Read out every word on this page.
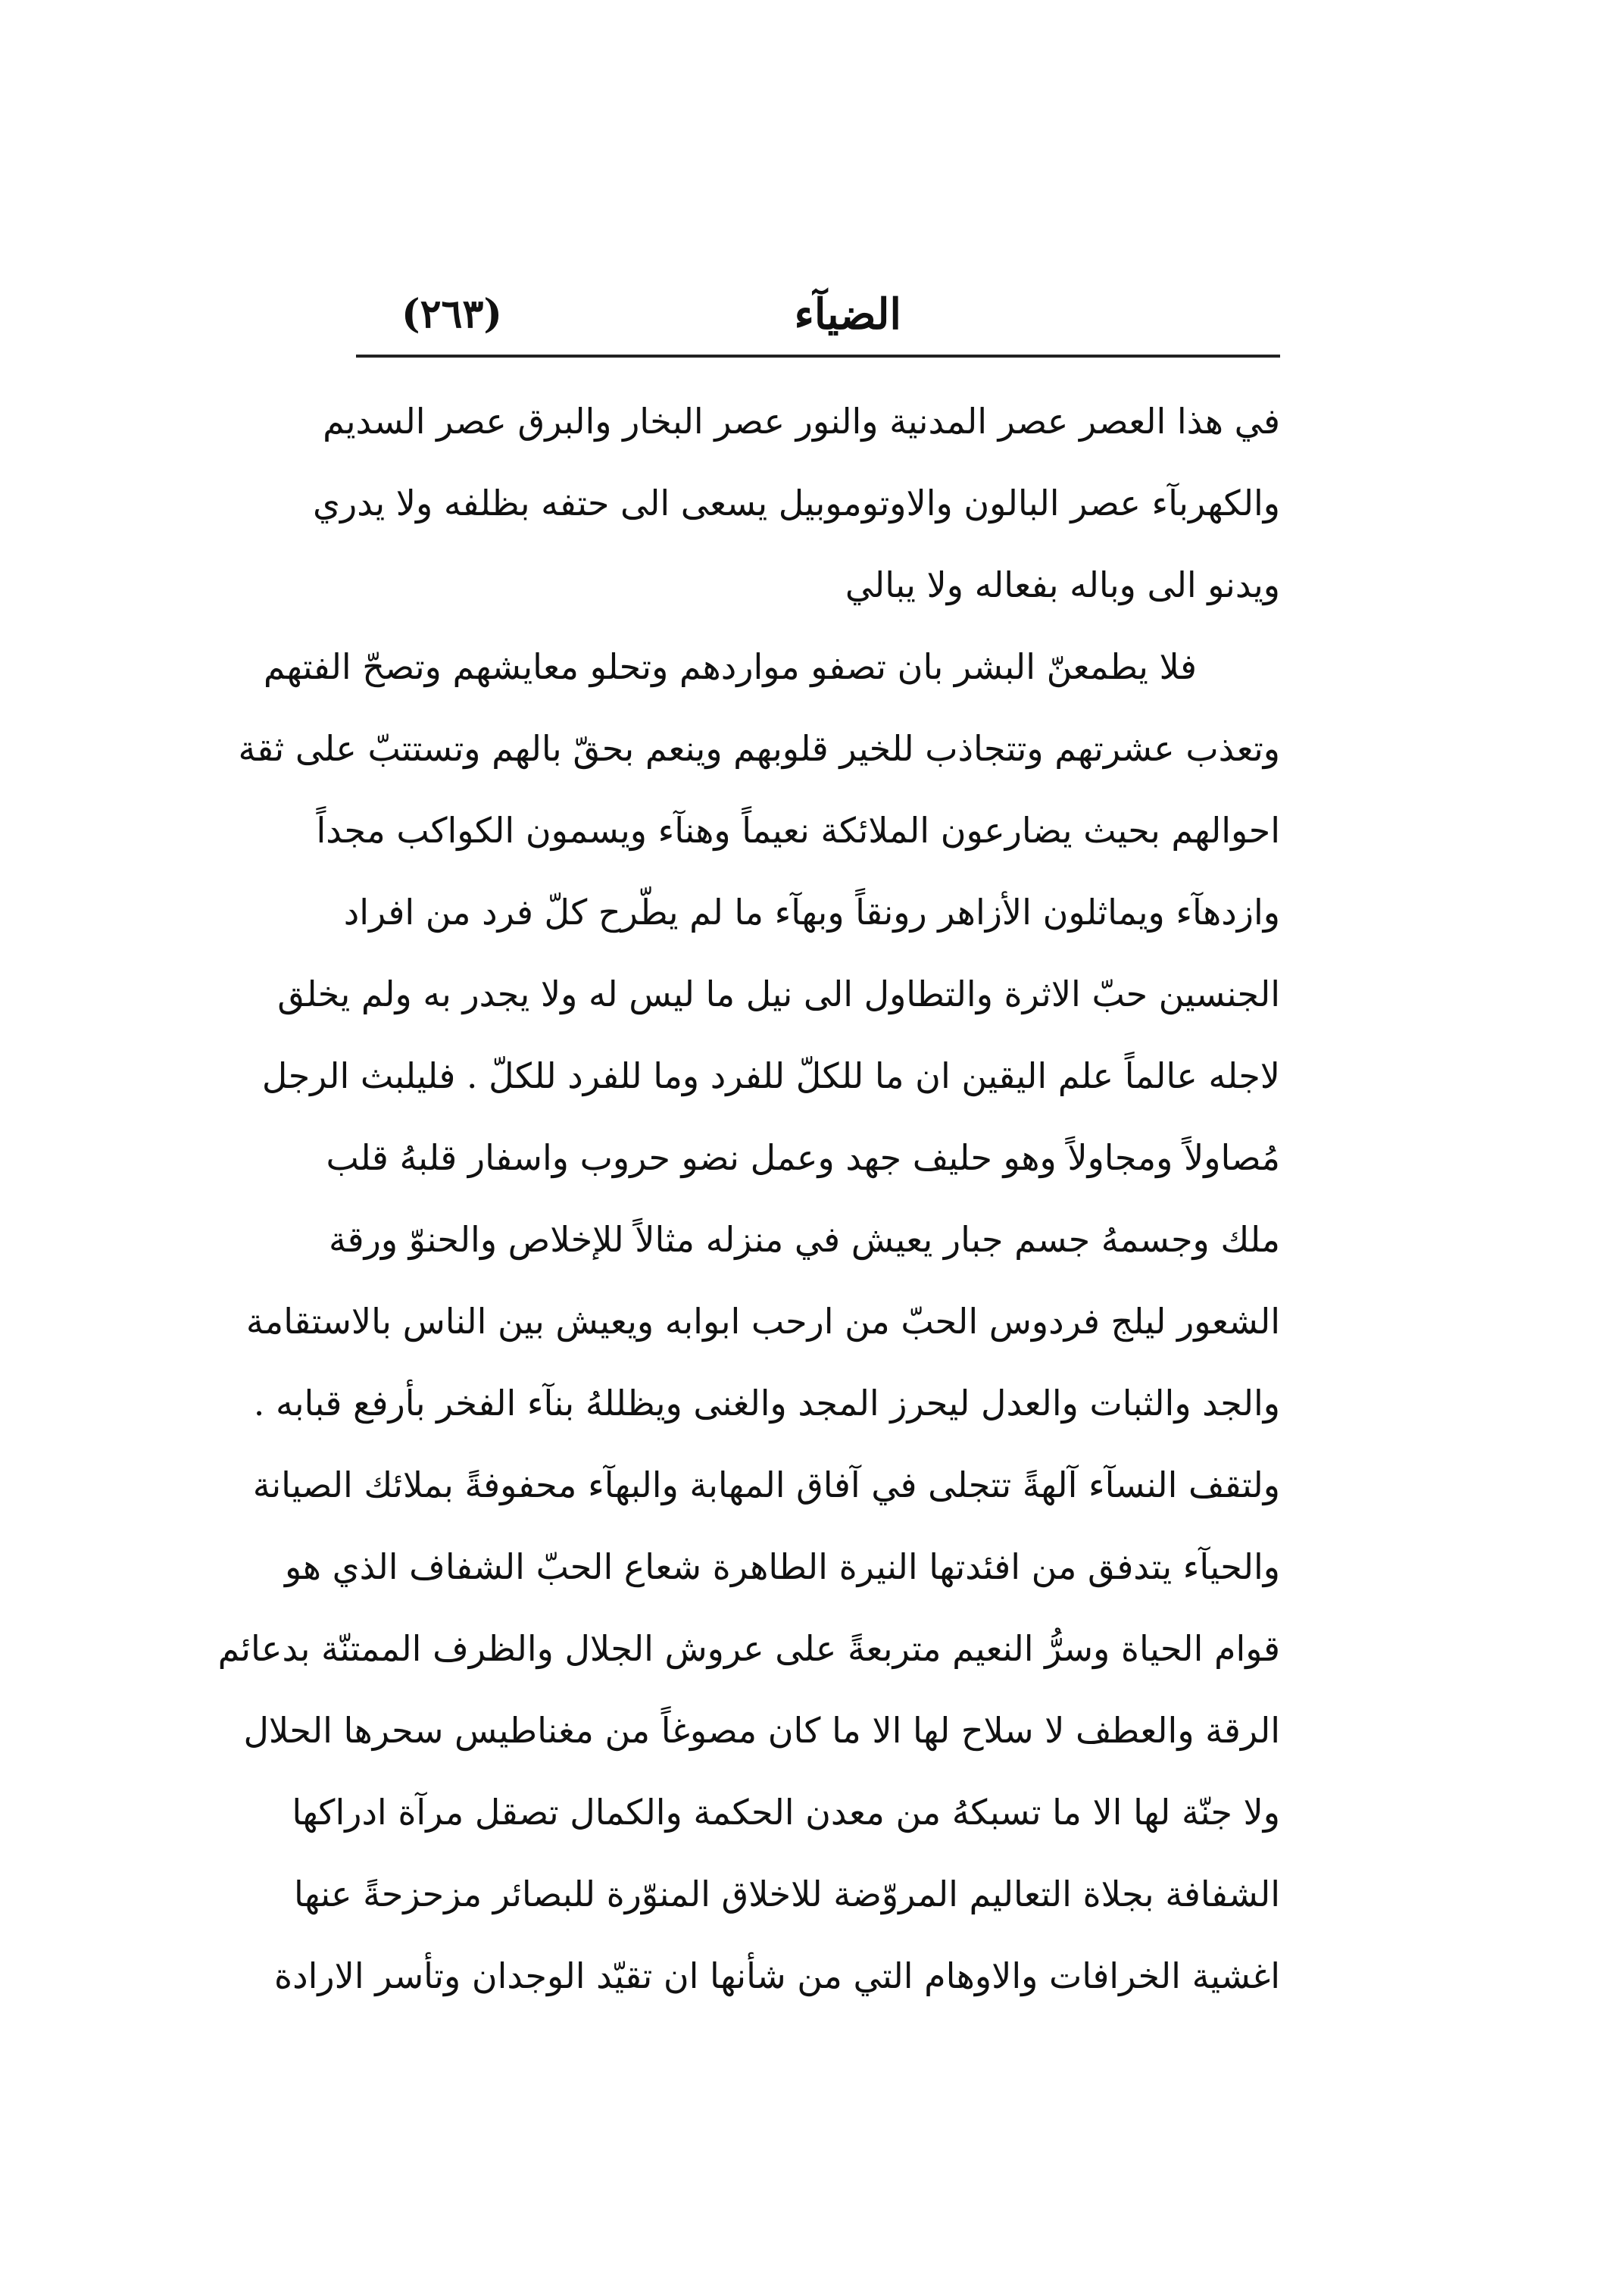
الضيآء
(٢٦٣)
في هذا العصر عصر المدنية والنور عصر البخار والبرق عصر السديم
والكهربآء عصر البالون والاوتوموبيل يسعى الى حتفه بظلفه ولا يدري
ويدنو الى وباله بفعاله ولا يبالي
فلا يطمعنّ البشر بان تصفو مواردهم وتحلو معايشهم وتصحّ الفتهم
وتعذب عشرتهم وتتجاذب للخير قلوبهم وينعم بحقّ بالهم وتستتبّ على ثقة
احوالهم بحيث يضارعون الملائكة نعيماً وهنآء ويسمون الكواكب مجداً
وازدهآء ويماثلون الأزاهر رونقاً وبهآء ما لم يطّرح كلّ فرد من افراد
الجنسين حبّ الاثرة والتطاول الى نيل ما ليس له ولا يجدر به ولم يخلق
لاجله عالماً علم اليقين ان ما للكلّ للفرد وما للفرد للكلّ . فليلبث الرجل
مُصاولاً ومجاولاً وهو حليف جهد وعمل نضو حروب واسفار قلبهُ قلب
ملك وجسمهُ جسم جبار يعيش في منزله مثالاً للإخلاص والحنوّ ورقة
الشعور ليلج فردوس الحبّ من ارحب ابوابه ويعيش بين الناس بالاستقامة
والجد والثبات والعدل ليحرز المجد والغنى ويظللهُ بنآء الفخر بأرفع قبابه .
ولتقف النسآء آلهةً تتجلى في آفاق المهابة والبهآء محفوفةً بملائك الصيانة
والحيآء يتدفق من افئدتها النيرة الطاهرة شعاع الحبّ الشفاف الذي هو
قوام الحياة وسرُّ النعيم متربعةً على عروش الجلال والظرف الممتنّة بدعائم
الرقة والعطف لا سلاح لها الا ما كان مصوغاً من مغناطيس سحرها الحلال
ولا جنّة لها الا ما تسبكهُ من معدن الحكمة والكمال تصقل مرآة ادراكها
الشفافة بجلاة التعاليم المروّضة للاخلاق المنوّرة للبصائر مزحزحةً عنها
اغشية الخرافات والاوهام التي من شأنها ان تقيّد الوجدان وتأسر الارادة
